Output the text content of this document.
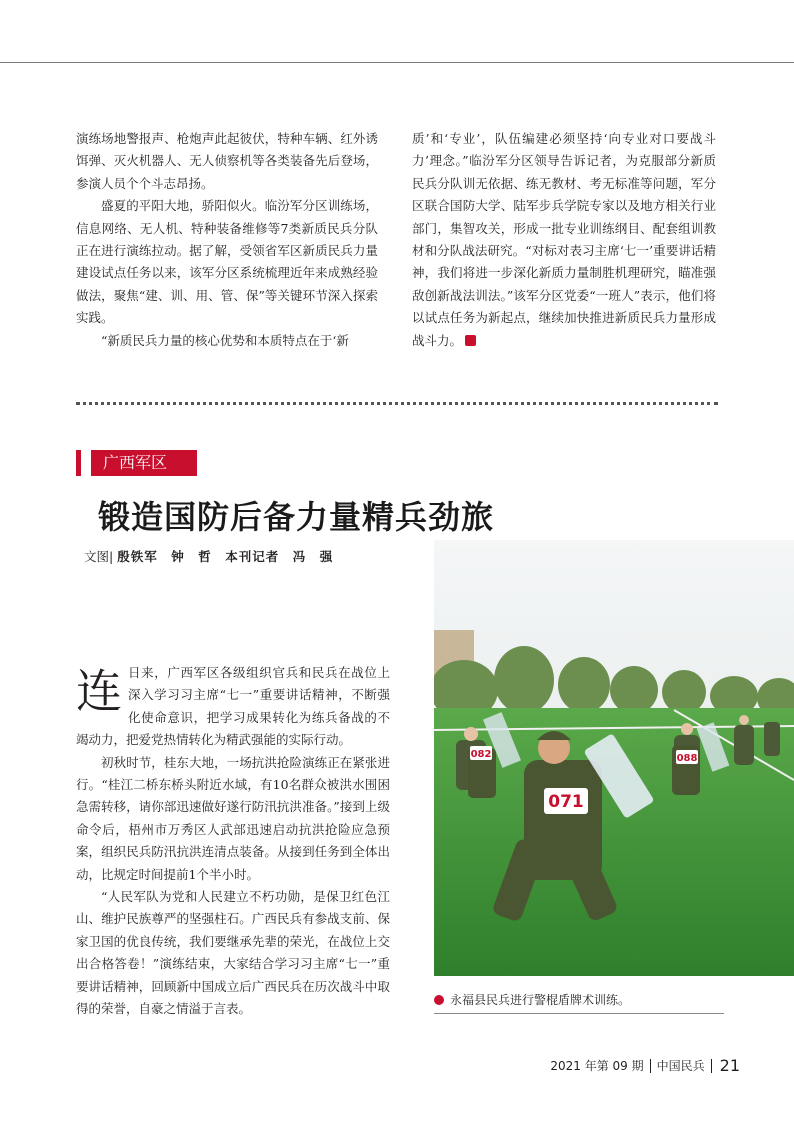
演练场地警报声、枪炮声此起彼伏，特种车辆、红外诱饵弹、灭火机器人、无人侦察机等各类装备先后登场，参演人员个个斗志昂扬。

盛夏的平阳大地，骄阳似火。临汾军分区训练场，信息网络、无人机、特种装备维修等7类新质民兵分队正在进行演练拉动。据了解，受领省军区新质民兵力量建设试点任务以来，该军分区系统梳理近年来成熟经验做法，聚焦“建、训、用、管、保”等关键环节深入探索实践。

“新质民兵力量的核心优势和本质特点在于‘新

质’和‘专业’，队伍编建必须坚持‘向专业对口要战斗力’理念。”临汾军分区领导告诉记者，为克服部分新质民兵分队训无依据、练无教材、考无标准等问题，军分区联合国防大学、陆军步兵学院专家以及地方相关行业部门，集智攻关，形成一批专业训练纲目、配套组训教材和分队战法研究。“对标对表习主席‘七一’重要讲话精神，我们将进一步深化新质力量制胜机理研究，瞄准强敌创新战法训法。”该军分区党委“一班人”表示，他们将以试点任务为新起点，继续加快推进新质民兵力量形成战斗力。

广西军区
锻造国防后备力量精兵劲旅
文图| 殷铁军　钟　哲　本刊记者　冯　强

连日来，广西军区各级组织官兵和民兵在战位上深入学习习主席“七一”重要讲话精神，不断强化使命意识，把学习成果转化为练兵备战的不竭动力，把爱党热情转化为精武强能的实际行动。

初秋时节，桂东大地，一场抗洪抢险演练正在紧张进行。“桂江二桥东桥头附近水域，有10名群众被洪水围困急需转移，请你部迅速做好遂行防汛抗洪准备。”接到上级命令后，梧州市万秀区人武部迅速启动抗洪抢险应急预案，组织民兵防汛抗洪连清点装备。从接到任务到全体出动，比规定时间提前1个半小时。

“人民军队为党和人民建立不朽功勋，是保卫红色江山、维护民族尊严的坚强柱石。广西民兵有参战支前、保家卫国的优良传统，我们要继承先辈的荣光，在战位上交出合格答卷！”演练结束，大家结合学习习主席“七一”重要讲话精神，回顾新中国成立后广西民兵在历次战斗中取得的荣誉，自豪之情溢于言表。

071
082	088
永福县民兵进行警棍盾牌术训练。
2021 年第 09 期 中国民兵 21
